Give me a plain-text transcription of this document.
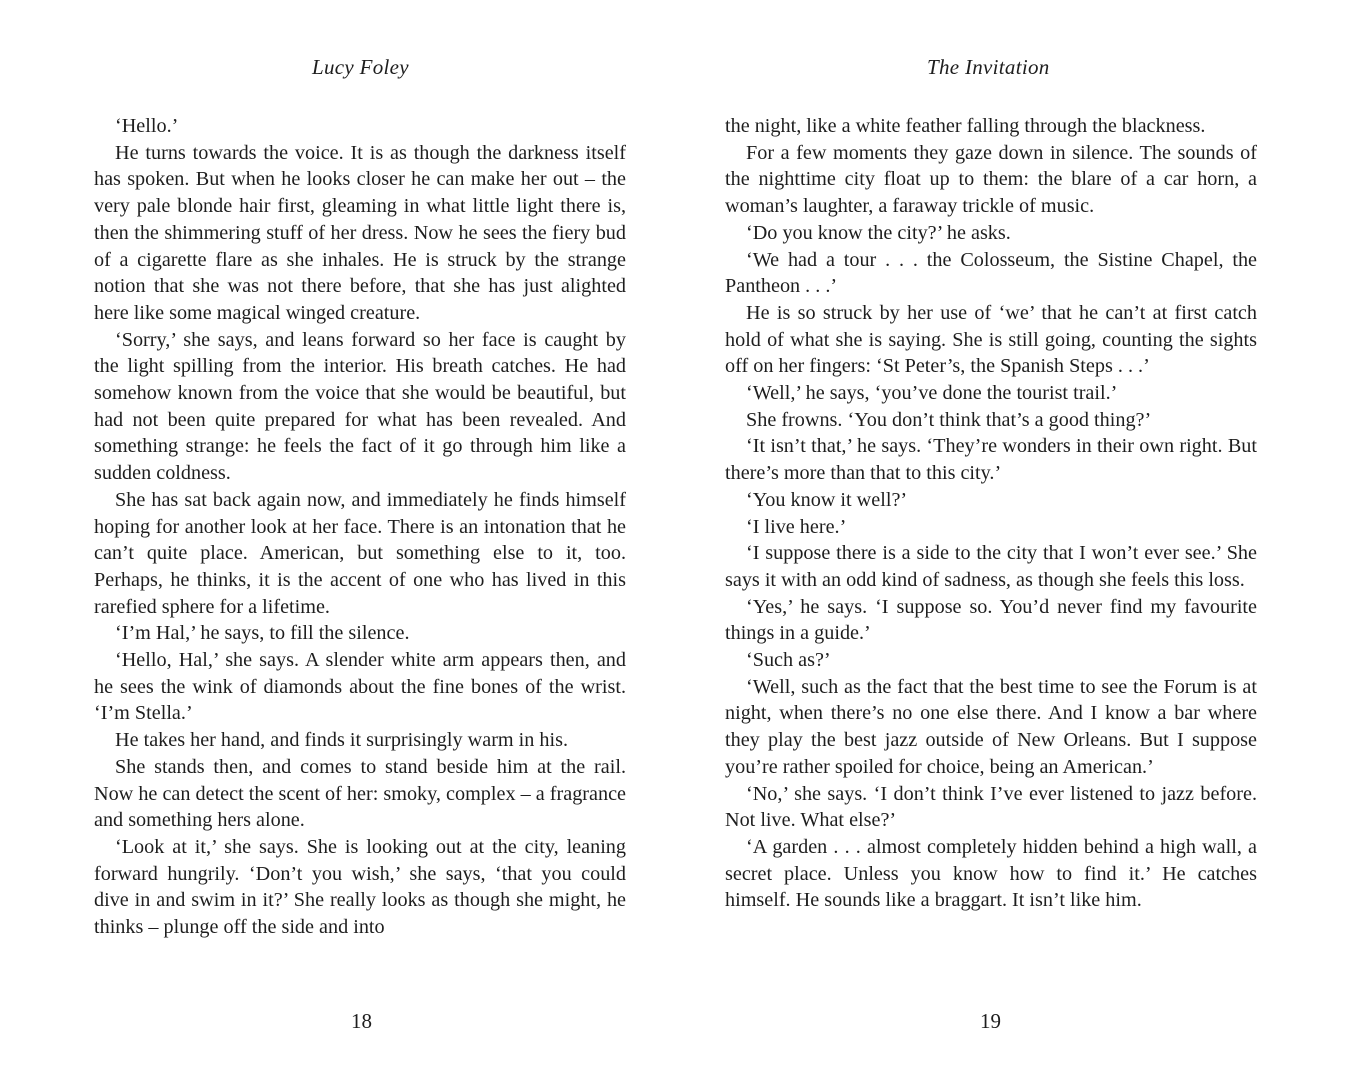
Lucy Foley

‘Hello.’

He turns towards the voice. It is as though the darkness itself has spoken. But when he looks closer he can make her out – the very pale blonde hair first, gleaming in what little light there is, then the shimmering stuff of her dress. Now he sees the fiery bud of a cigarette flare as she inhales. He is struck by the strange notion that she was not there before, that she has just alighted here like some magical winged creature.

‘Sorry,’ she says, and leans forward so her face is caught by the light spilling from the interior. His breath catches. He had somehow known from the voice that she would be beautiful, but had not been quite prepared for what has been revealed. And something strange: he feels the fact of it go through him like a sudden coldness.

She has sat back again now, and immediately he finds himself hoping for another look at her face. There is an intonation that he can’t quite place. American, but something else to it, too. Perhaps, he thinks, it is the accent of one who has lived in this rarefied sphere for a lifetime.

‘I’m Hal,’ he says, to fill the silence.

‘Hello, Hal,’ she says. A slender white arm appears then, and he sees the wink of diamonds about the fine bones of the wrist. ‘I’m Stella.’

He takes her hand, and finds it surprisingly warm in his.

She stands then, and comes to stand beside him at the rail. Now he can detect the scent of her: smoky, complex – a fragrance and something hers alone.

‘Look at it,’ she says. She is looking out at the city, leaning forward hungrily. ‘Don’t you wish,’ she says, ‘that you could dive in and swim in it?’ She really looks as though she might, he thinks – plunge off the side and into

18
The Invitation

the night, like a white feather falling through the blackness.

For a few moments they gaze down in silence. The sounds of the nighttime city float up to them: the blare of a car horn, a woman’s laughter, a faraway trickle of music.

‘Do you know the city?’ he asks.

‘We had a tour . . . the Colosseum, the Sistine Chapel, the Pantheon . . .’

He is so struck by her use of ‘we’ that he can’t at first catch hold of what she is saying. She is still going, counting the sights off on her fingers: ‘St Peter’s, the Spanish Steps . . .’

‘Well,’ he says, ‘you’ve done the tourist trail.’

She frowns. ‘You don’t think that’s a good thing?’

‘It isn’t that,’ he says. ‘They’re wonders in their own right. But there’s more than that to this city.’

‘You know it well?’

‘I live here.’

‘I suppose there is a side to the city that I won’t ever see.’ She says it with an odd kind of sadness, as though she feels this loss.

‘Yes,’ he says. ‘I suppose so. You’d never find my favourite things in a guide.’

‘Such as?’

‘Well, such as the fact that the best time to see the Forum is at night, when there’s no one else there. And I know a bar where they play the best jazz outside of New Orleans. But I suppose you’re rather spoiled for choice, being an American.’

‘No,’ she says. ‘I don’t think I’ve ever listened to jazz before. Not live. What else?’

‘A garden . . . almost completely hidden behind a high wall, a secret place. Unless you know how to find it.’ He catches himself. He sounds like a braggart. It isn’t like him.

19
